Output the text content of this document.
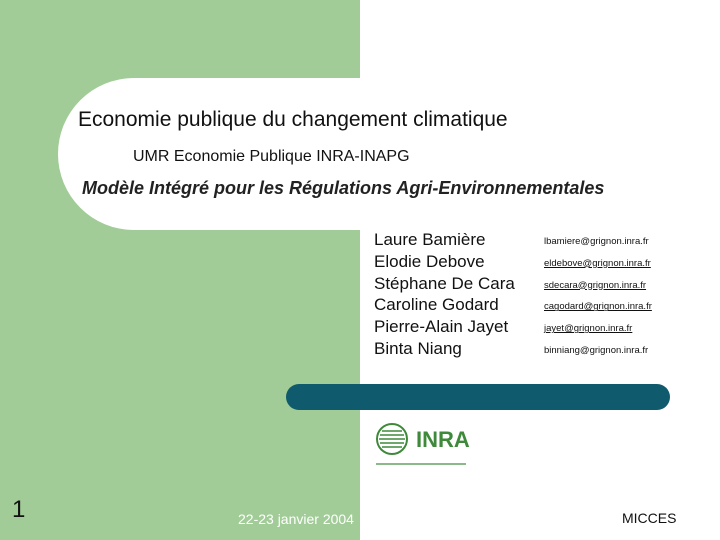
Economie publique du changement climatique
UMR Economie Publique INRA-INAPG
Modèle Intégré pour les Régulations Agri-Environnementales
Laure Bamière	lbamiere@grignon.inra.fr
Elodie Debove	eldebove@grignon.inra.fr
Stéphane De Cara	sdecara@grignon.inra.fr
Caroline Godard	cagodard@grignon.inra.fr
Pierre-Alain Jayet	jayet@grignon.inra.fr
Binta Niang	binniang@grignon.inra.fr
INRA
1	22-23 janvier 2004	MICCES
